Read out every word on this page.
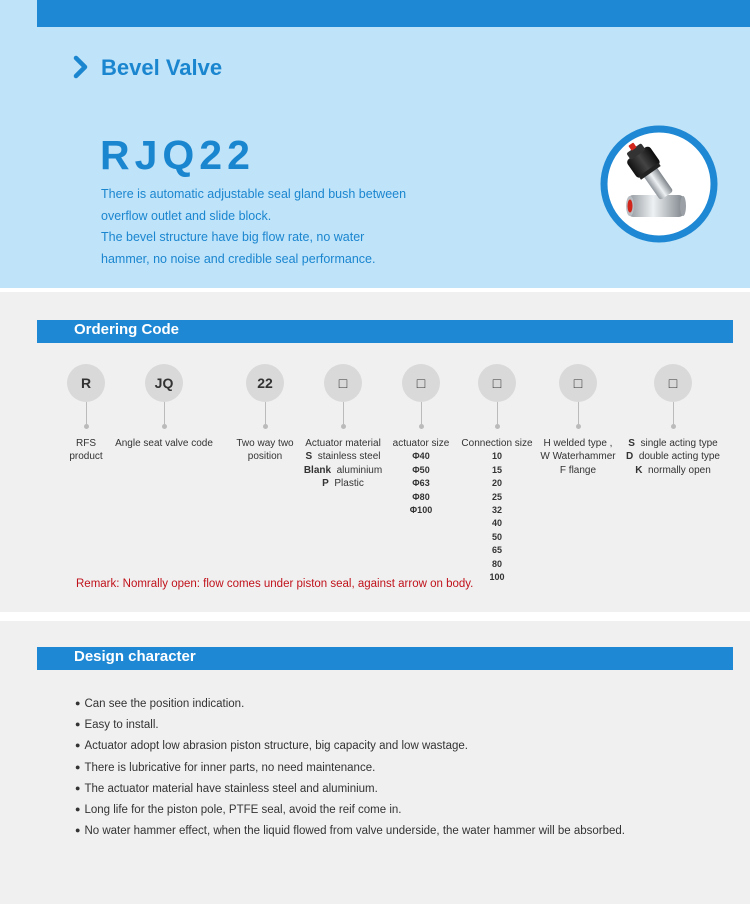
Bevel Valve
RJQ22

There is automatic adjustable seal gland bush between

overflow outlet and slide block.

The bevel structure have big flow rate, no water

hammer, no noise and credible seal performance.

Ordering Code
R
RFS
product
JQ
Angle seat valve code
22
Two way two
position
□
Actuator material
S stainless steel
Blank aluminium
P Plastic
□
actuator size
Φ40
Φ50
Φ63
Φ80
Φ100
□
Connection size
10
15
20
25
32
40
50
65
80
100
□
H welded type ,
W Waterhammer
F flange
□
S single acting type
D double acting type
K normally open
Remark: Nomrally open: flow comes under piston seal, against arrow on body.
Design character
● Can see the position indication.
● Easy to install.
● Actuator adopt low abrasion piston structure, big capacity and low wastage.
● There is lubricative for inner parts, no need maintenance.
● The actuator material have stainless steel and aluminium.
● Long life for the piston pole, PTFE seal, avoid the reif come in.
● No water hammer effect, when the liquid flowed from valve underside, the water hammer will be absorbed.
